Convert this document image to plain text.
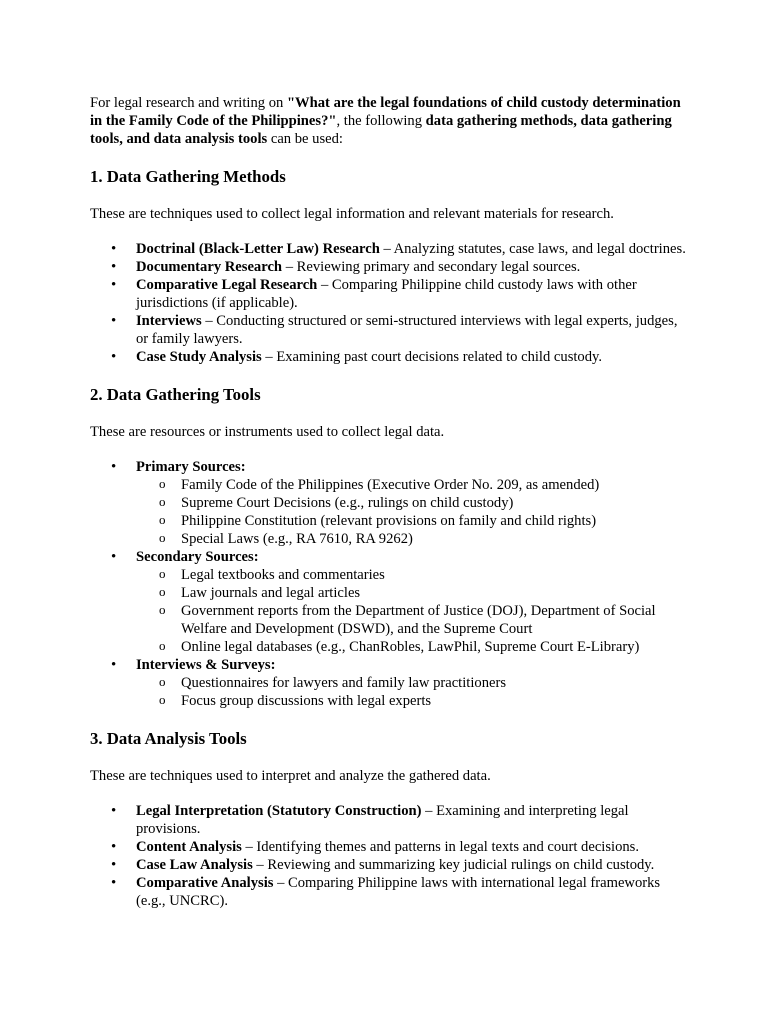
For legal research and writing on "What are the legal foundations of child custody determination in the Family Code of the Philippines?", the following data gathering methods, data gathering tools, and data analysis tools can be used:

1. Data Gathering Methods

These are techniques used to collect legal information and relevant materials for research.

• Doctrinal (Black-Letter Law) Research – Analyzing statutes, case laws, and legal doctrines.
• Documentary Research – Reviewing primary and secondary legal sources.
• Comparative Legal Research – Comparing Philippine child custody laws with other jurisdictions (if applicable).
• Interviews – Conducting structured or semi-structured interviews with legal experts, judges, or family lawyers.
• Case Study Analysis – Examining past court decisions related to child custody.
2. Data Gathering Tools

These are resources or instruments used to collect legal data.

• Primary Sources:
o Family Code of the Philippines (Executive Order No. 209, as amended)
o Supreme Court Decisions (e.g., rulings on child custody)
o Philippine Constitution (relevant provisions on family and child rights)
o Special Laws (e.g., RA 7610, RA 9262)
• Secondary Sources:
o Legal textbooks and commentaries
o Law journals and legal articles
o Government reports from the Department of Justice (DOJ), Department of Social Welfare and Development (DSWD), and the Supreme Court
o Online legal databases (e.g., ChanRobles, LawPhil, Supreme Court E-Library)
• Interviews & Surveys:
o Questionnaires for lawyers and family law practitioners
o Focus group discussions with legal experts
3. Data Analysis Tools

These are techniques used to interpret and analyze the gathered data.

• Legal Interpretation (Statutory Construction) – Examining and interpreting legal provisions.
• Content Analysis – Identifying themes and patterns in legal texts and court decisions.
• Case Law Analysis – Reviewing and summarizing key judicial rulings on child custody.
• Comparative Analysis – Comparing Philippine laws with international legal frameworks (e.g., UNCRC).
